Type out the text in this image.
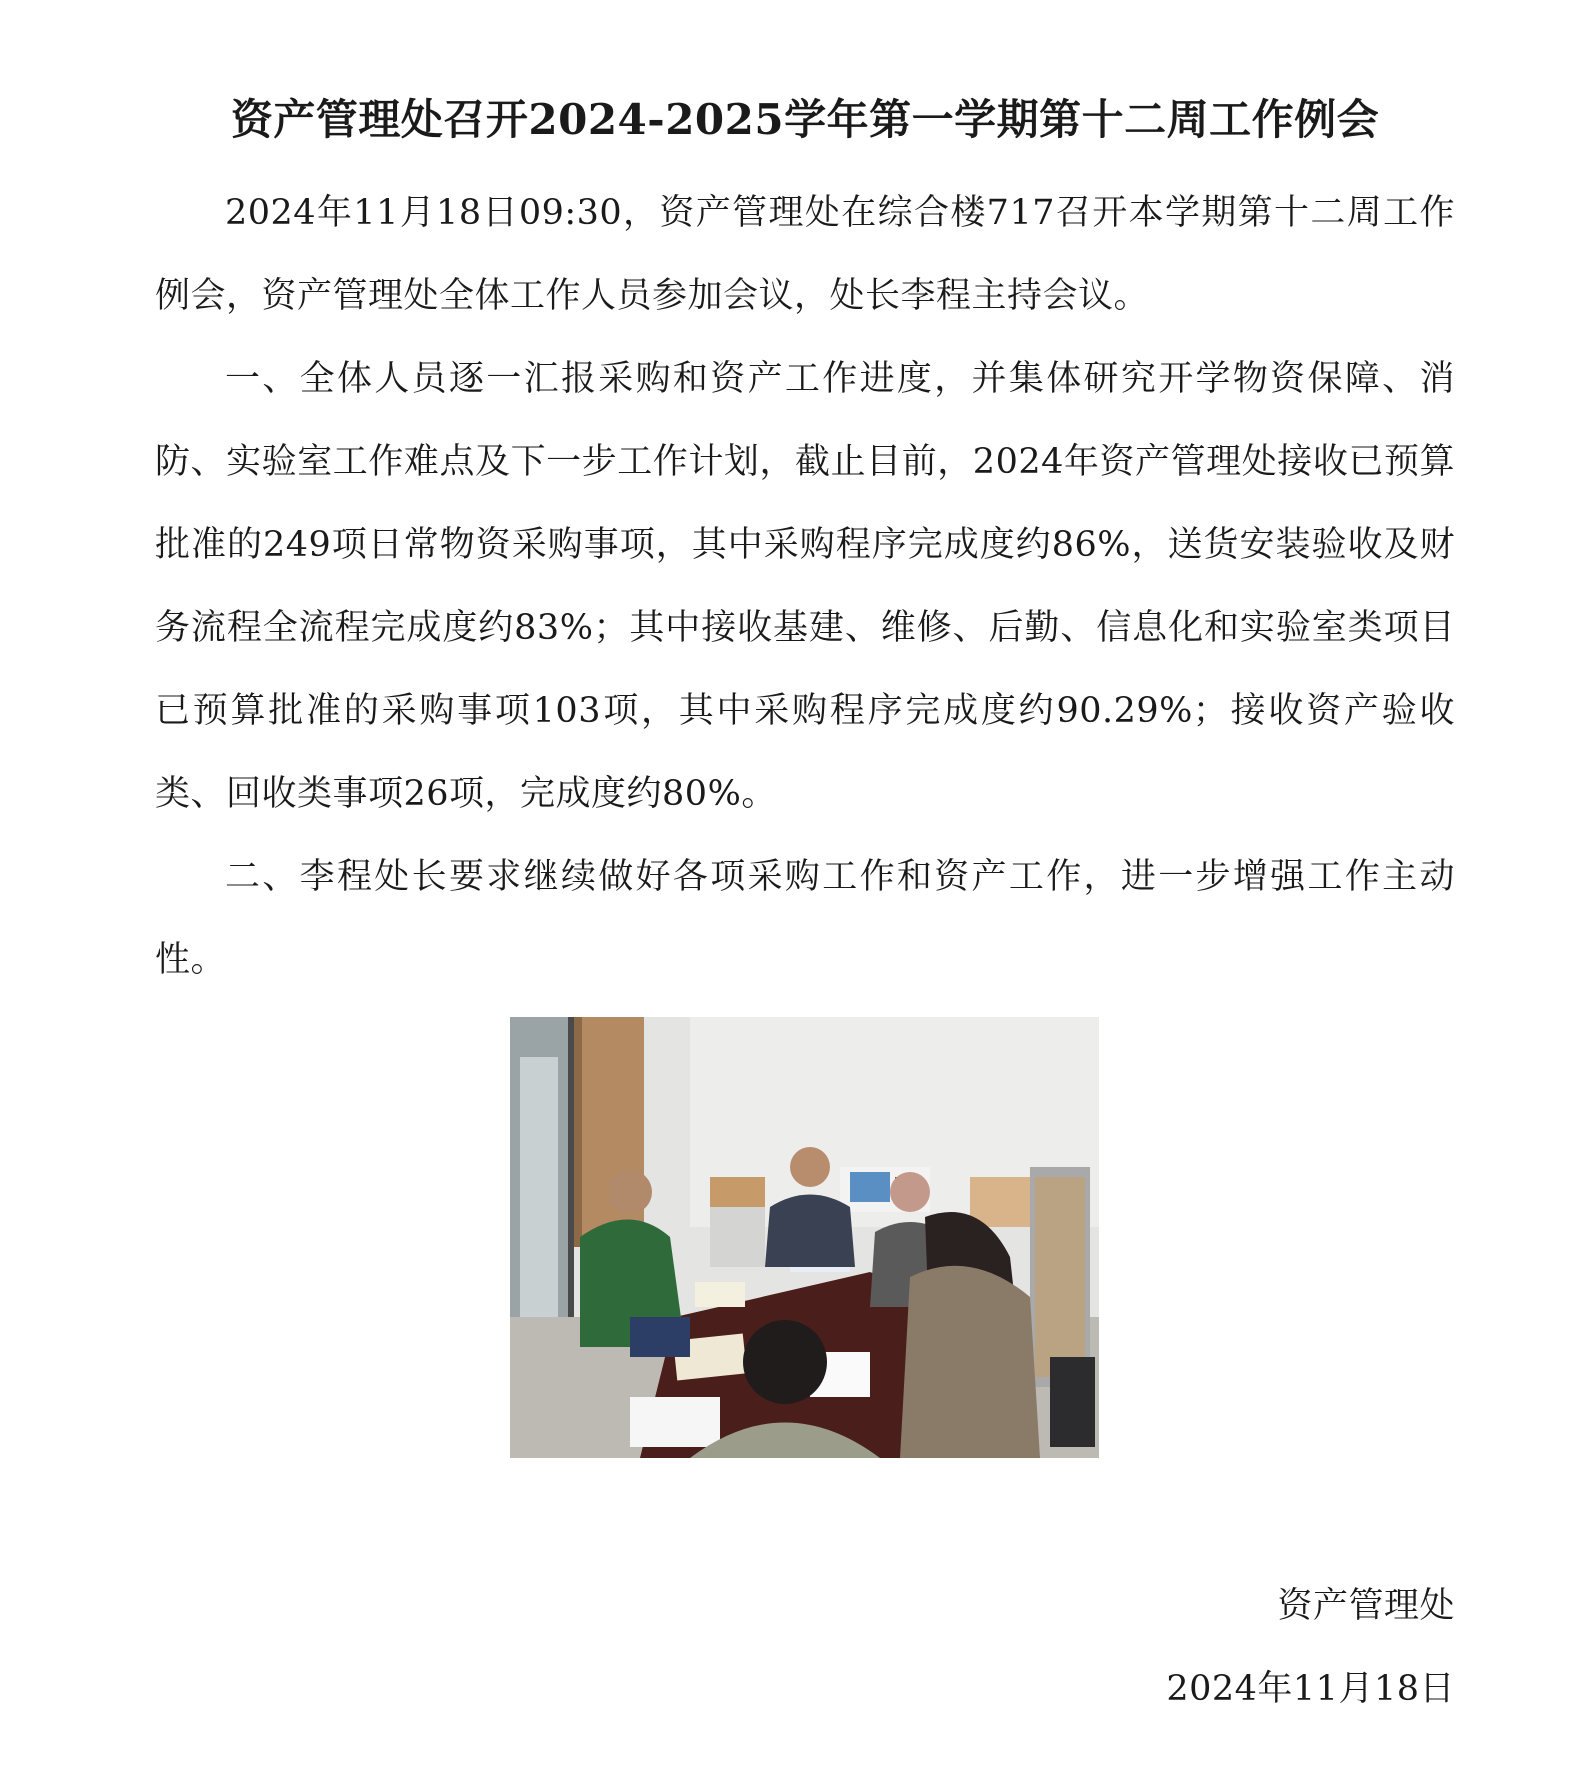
资产管理处召开2024-2025学年第一学期第十二周工作例会

2024年11月18日09:30，资产管理处在综合楼717召开本学期第十二周工作例会，资产管理处全体工作人员参加会议，处长李程主持会议。

一、全体人员逐一汇报采购和资产工作进度，并集体研究开学物资保障、消防、实验室工作难点及下一步工作计划，截止目前，2024年资产管理处接收已预算批准的249项日常物资采购事项，其中采购程序完成度约86%，送货安装验收及财务流程全流程完成度约83%；其中接收基建、维修、后勤、信息化和实验室类项目已预算批准的采购事项103项，其中采购程序完成度约90.29%；接收资产验收类、回收类事项26项，完成度约80%。

二、李程处长要求继续做好各项采购工作和资产工作，进一步增强工作主动性。

资产管理处
2024年11月18日
